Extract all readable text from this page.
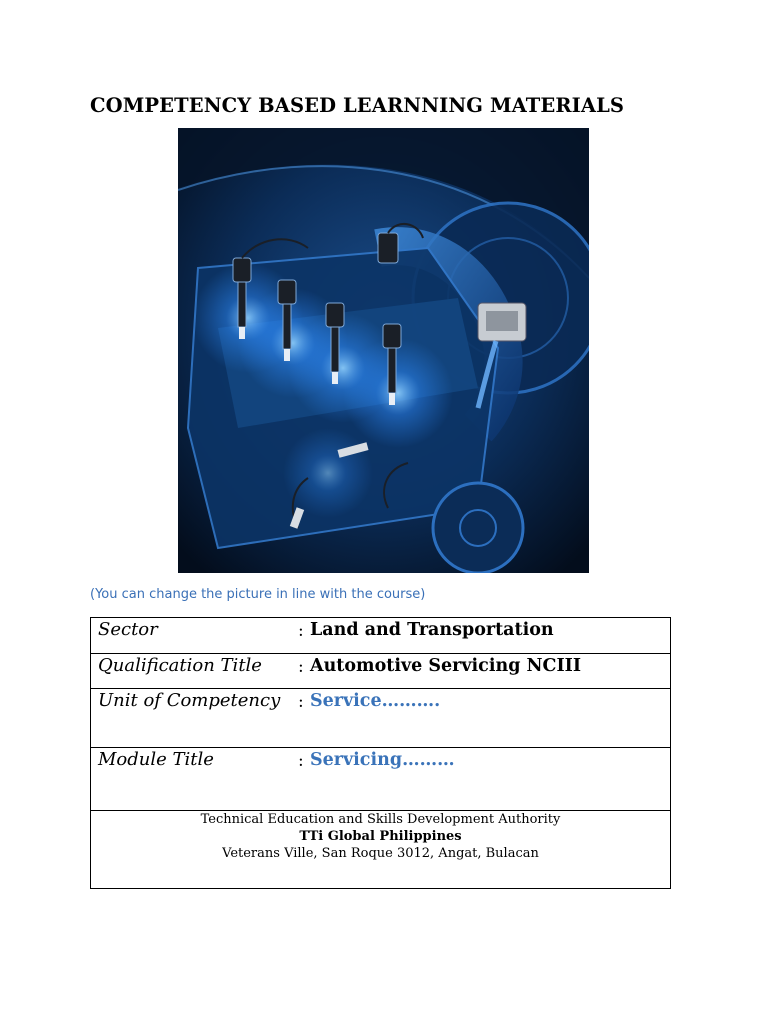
COMPETENCY BASED LEARNNING MATERIALS
(You can change the picture in line with the course)
Sector	: Land and Transportation

Qualification Title : Automotive Servicing NCIII

Unit of Competency : Service……….

Module Title	: Servicing………

Technical Education and Skills Development Authority
TTi Global Philippines
Veterans Ville, San Roque 3012, Angat, Bulacan
